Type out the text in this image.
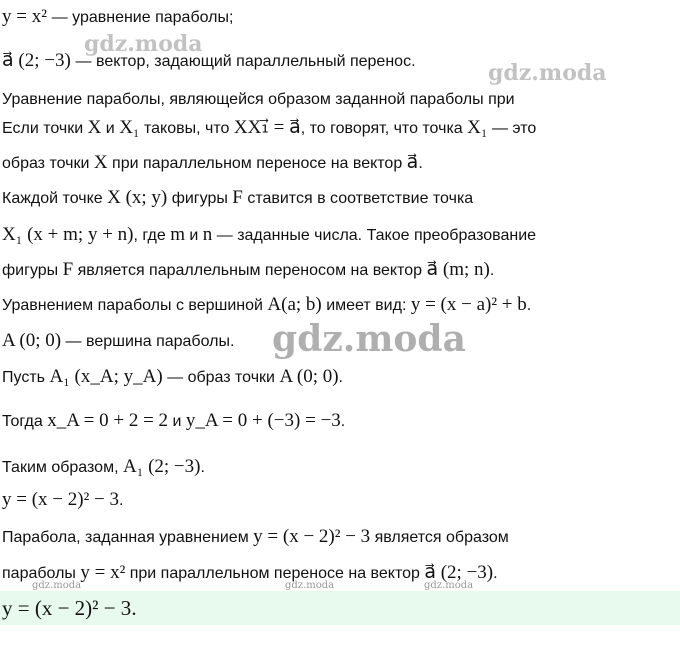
gdz.moda
gdz.moda
gdz.moda
gdz.moda	gdz.moda	gdz.moda
y = x² — уравнение параболы;
a⃗ (2; −3) — вектор, задающий параллельный перенос.
Уравнение параболы, являющейся образом заданной параболы при
Если точки X и X₁ таковы, что XX₁⃗ = a⃗, то говорят, что точка X₁ — это
образ точки X при параллельном переносе на вектор a⃗.
Каждой точке X (x; y) фигуры F ставится в соответствие точка
X₁ (x + m; y + n), где m и n — заданные числа. Такое преобразование
фигуры F является параллельным переносом на вектор a⃗ (m; n).
Уравнением параболы с вершиной A(a; b) имеет вид: y = (x − a)² + b.
A (0; 0) — вершина параболы.
Пусть A₁ (x_A; y_A) — образ точки A (0; 0).
Тогда x_A = 0 + 2 = 2 и y_A = 0 + (−3) = −3.
Таким образом, A₁ (2; −3).
y = (x − 2)² − 3.
Парабола, заданная уравнением y = (x − 2)² − 3 является образом
параболы y = x² при параллельном переносе на вектор a⃗ (2; −3).
y = (x − 2)² − 3.
